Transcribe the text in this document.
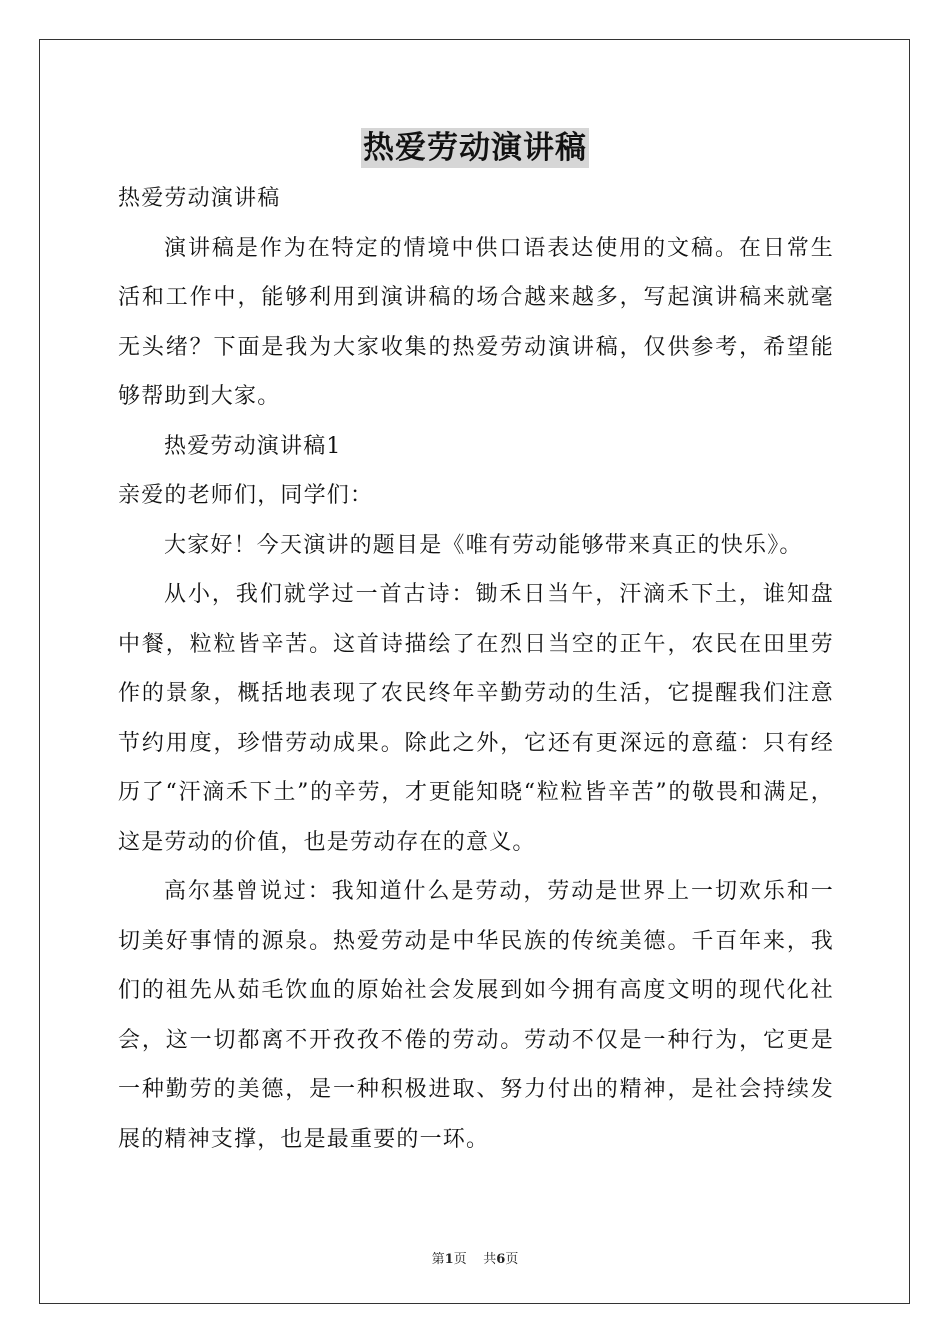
热爱劳动演讲稿

热爱劳动演讲稿

演讲稿是作为在特定的情境中供口语表达使用的文稿。在日常生活和工作中，能够利用到演讲稿的场合越来越多，写起演讲稿来就毫无头绪？下面是我为大家收集的热爱劳动演讲稿，仅供参考，希望能够帮助到大家。

热爱劳动演讲稿1

亲爱的老师们，同学们：

大家好！今天演讲的题目是《唯有劳动能够带来真正的快乐》。

从小，我们就学过一首古诗：锄禾日当午，汗滴禾下土，谁知盘中餐，粒粒皆辛苦。这首诗描绘了在烈日当空的正午，农民在田里劳作的景象，概括地表现了农民终年辛勤劳动的生活，它提醒我们注意节约用度，珍惜劳动成果。除此之外，它还有更深远的意蕴：只有经历了“汗滴禾下土”的辛劳，才更能知晓“粒粒皆辛苦”的敬畏和满足，这是劳动的价值，也是劳动存在的意义。

高尔基曾说过：我知道什么是劳动，劳动是世界上一切欢乐和一切美好事情的源泉。热爱劳动是中华民族的传统美德。千百年来，我们的祖先从茹毛饮血的原始社会发展到如今拥有高度文明的现代化社会，这一切都离不开孜孜不倦的劳动。劳动不仅是一种行为，它更是一种勤劳的美德，是一种积极进取、努力付出的精神，是社会持续发展的精神支撑，也是最重要的一环。

第1页 共6页
